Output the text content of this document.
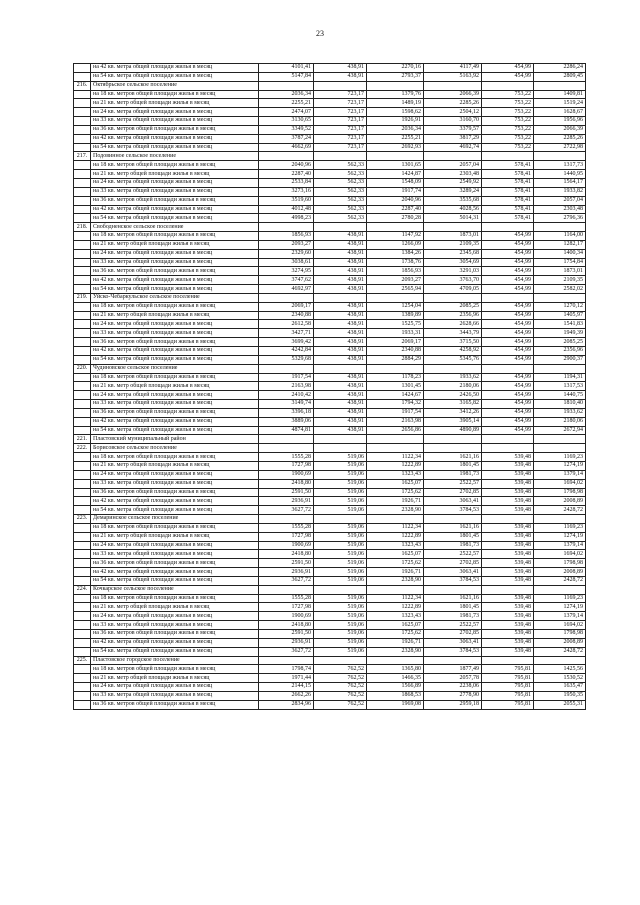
23
	на 42 кв. метра общей площади жилья в месяц	4101,41	438,91	2270,16	4117,49	454,99	2286,24
	на 54 кв. метра общей площади жилья в месяц	5147,84	438,91	2793,37	5163,92	454,99	2809,45
216.	Октябрьское сельское поселение						
	на 18 кв. метров общей площади жилья в месяц	2036,34	723,17	1379,76	2066,39	753,22	1409,81
	на 21 кв. метр общей площади жилья в месяц	2255,21	723,17	1489,19	2285,26	753,22	1519,24
	на 24 кв. метра общей площади жилья в месяц	2474,07	723,17	1598,62	2504,12	753,22	1628,67
	на 33 кв. метра общей площади жилья в месяц	3130,65	723,17	1926,91	3160,70	753,22	1956,96
	на 36 кв. метров общей площади жилья в месяц	3349,52	723,17	2036,34	3379,57	753,22	2066,39
	на 42 кв. метра общей площади жилья в месяц	3787,24	723,17	2255,21	3817,29	753,22	2285,26
	на 54 кв. метра общей площади жилья в месяц	4662,69	723,17	2692,93	4692,74	753,22	2722,98
217.	Подовинное сельское поселение						
	на 18 кв. метров общей площади жилья в месяц	2040,96	562,33	1301,65	2057,04	578,41	1317,73
	на 21 кв. метр общей площади жилья в месяц	2287,40	562,33	1424,87	2303,48	578,41	1440,95
	на 24 кв. метра общей площади жилья в месяц	2533,84	562,33	1548,09	2549,92	578,41	1564,17
	на 33 кв. метра общей площади жилья в месяц	3273,16	562,33	1917,74	3289,24	578,41	1933,82
	на 36 кв. метров общей площади жилья в месяц	3519,60	562,33	2040,96	3535,68	578,41	2057,04
	на 42 кв. метра общей площади жилья в месяц	4012,48	562,33	2287,40	4028,56	578,41	2303,48
	на 54 кв. метра общей площади жилья в месяц	4998,23	562,33	2780,28	5014,31	578,41	2796,36
218.	Свободненское сельское поселение						
	на 18 кв. метров общей площади жилья в месяц	1856,93	438,91	1147,92	1873,01	454,99	1164,00
	на 21 кв. метр общей площади жилья в месяц	2093,27	438,91	1266,09	2109,35	454,99	1282,17
	на 24 кв. метра общей площади жилья в месяц	2329,60	438,91	1384,26	2345,68	454,99	1400,34
	на 33 кв. метра общей площади жилья в месяц	3038,61	438,91	1738,76	3054,69	454,99	1754,84
	на 36 кв. метров общей площади жилья в месяц	3274,95	438,91	1856,93	3291,03	454,99	1873,01
	на 42 кв. метра общей площади жилья в месяц	3747,62	438,91	2093,27	3763,70	454,99	2109,35
	на 54 кв. метра общей площади жилья в месяц	4692,97	438,91	2565,94	4709,05	454,99	2582,02
219.	Уйско-Чебаркульское сельское поселение						
	на 18 кв. метров общей площади жилья в месяц	2069,17	438,91	1254,04	2085,25	454,99	1270,12
	на 21 кв. метр общей площади жилья в месяц	2340,88	438,91	1389,89	2356,96	454,99	1405,97
	на 24 кв. метра общей площади жилья в месяц	2612,58	438,91	1525,75	2628,66	454,99	1541,83
	на 33 кв. метра общей площади жилья в месяц	3427,71	438,91	1933,31	3443,79	454,99	1949,39
	на 36 кв. метров общей площади жилья в месяц	3699,42	438,91	2069,17	3715,50	454,99	2085,25
	на 42 кв. метра общей площади жилья в месяц	4242,84	438,91	2340,88	4258,92	454,99	2356,96
	на 54 кв. метра общей площади жилья в месяц	5329,68	438,91	2884,29	5345,76	454,99	2900,37
220.	Чудиновское сельское поселение						
	на 18 кв. метров общей площади жилья в месяц	1917,54	438,91	1178,23	1933,62	454,99	1194,31
	на 21 кв. метр общей площади жилья в месяц	2163,98	438,91	1301,45	2180,06	454,99	1317,53
	на 24 кв. метра общей площади жилья в месяц	2410,42	438,91	1424,67	2426,50	454,99	1440,75
	на 33 кв. метра общей площади жилья в месяц	3149,74	438,91	1794,32	3165,82	454,99	1810,40
	на 36 кв. метров общей площади жилья в месяц	3396,18	438,91	1917,54	3412,26	454,99	1933,62
	на 42 кв. метра общей площади жилья в месяц	3889,06	438,91	2163,98	3905,14	454,99	2180,06
	на 54 кв. метра общей площади жилья в месяц	4874,81	438,91	2656,86	4890,89	454,99	2672,94
221.	Пластовский муниципальный район						
222.	Борисовское сельское поселение						
	на 18 кв. метров общей площади жилья в месяц	1555,28	519,06	1122,34	1621,16	539,48	1169,23
	на 21 кв. метр общей площади жилья в месяц	1727,98	519,06	1222,89	1801,45	539,48	1274,19
	на 24 кв. метра общей площади жилья в месяц	1900,69	519,06	1323,43	1981,73	539,48	1379,14
	на 33 кв. метра общей площади жилья в месяц	2418,80	519,06	1625,07	2522,57	539,48	1694,02
	на 36 кв. метров общей площади жилья в месяц	2591,50	519,06	1725,62	2702,85	539,48	1798,98
	на 42 кв. метра общей площади жилья в месяц	2936,91	519,06	1926,71	3063,41	539,48	2008,89
	на 54 кв. метра общей площади жилья в месяц	3627,72	519,06	2328,90	3784,53	539,48	2428,72
223.	Демаринское сельское поселение						
	на 18 кв. метров общей площади жилья в месяц	1555,28	519,06	1122,34	1621,16	539,48	1169,23
	на 21 кв. метр общей площади жилья в месяц	1727,98	519,06	1222,89	1801,45	539,48	1274,19
	на 24 кв. метра общей площади жилья в месяц	1900,69	519,06	1323,43	1981,73	539,48	1379,14
	на 33 кв. метра общей площади жилья в месяц	2418,80	519,06	1625,07	2522,57	539,48	1694,02
	на 36 кв. метров общей площади жилья в месяц	2591,50	519,06	1725,62	2702,85	539,48	1798,98
	на 42 кв. метра общей площади жилья в месяц	2936,91	519,06	1926,71	3063,41	539,48	2008,89
	на 54 кв. метра общей площади жилья в месяц	3627,72	519,06	2328,90	3784,53	539,48	2428,72
224.	Кочкарское сельское поселение						
	на 18 кв. метров общей площади жилья в месяц	1555,28	519,06	1122,34	1621,16	539,48	1169,23
	на 21 кв. метр общей площади жилья в месяц	1727,98	519,06	1222,89	1801,45	539,48	1274,19
	на 24 кв. метра общей площади жилья в месяц	1900,69	519,06	1323,43	1981,73	539,48	1379,14
	на 33 кв. метра общей площади жилья в месяц	2418,80	519,06	1625,07	2522,57	539,48	1694,02
	на 36 кв. метров общей площади жилья в месяц	2591,50	519,06	1725,62	2702,85	539,48	1798,98
	на 42 кв. метра общей площади жилья в месяц	2936,91	519,06	1926,71	3063,41	539,48	2008,89
	на 54 кв. метра общей площади жилья в месяц	3627,72	519,06	2328,90	3784,53	539,48	2428,72
225.	Пластовское городское поселение						
	на 18 кв. метров общей площади жилья в месяц	1798,74	762,52	1365,80	1877,49	795,81	1425,56
	на 21 кв. метр общей площади жилья в месяц	1971,44	762,52	1466,35	2057,78	795,81	1530,52
	на 24 кв. метра общей площади жилья в месяц	2144,15	762,52	1566,89	2238,06	795,81	1635,47
	на 33 кв. метра общей площади жилья в месяц	2662,26	762,52	1868,53	2778,90	795,81	1950,35
	на 36 кв. метров общей площади жилья в месяц	2834,96	762,52	1969,08	2959,18	795,81	2055,31
